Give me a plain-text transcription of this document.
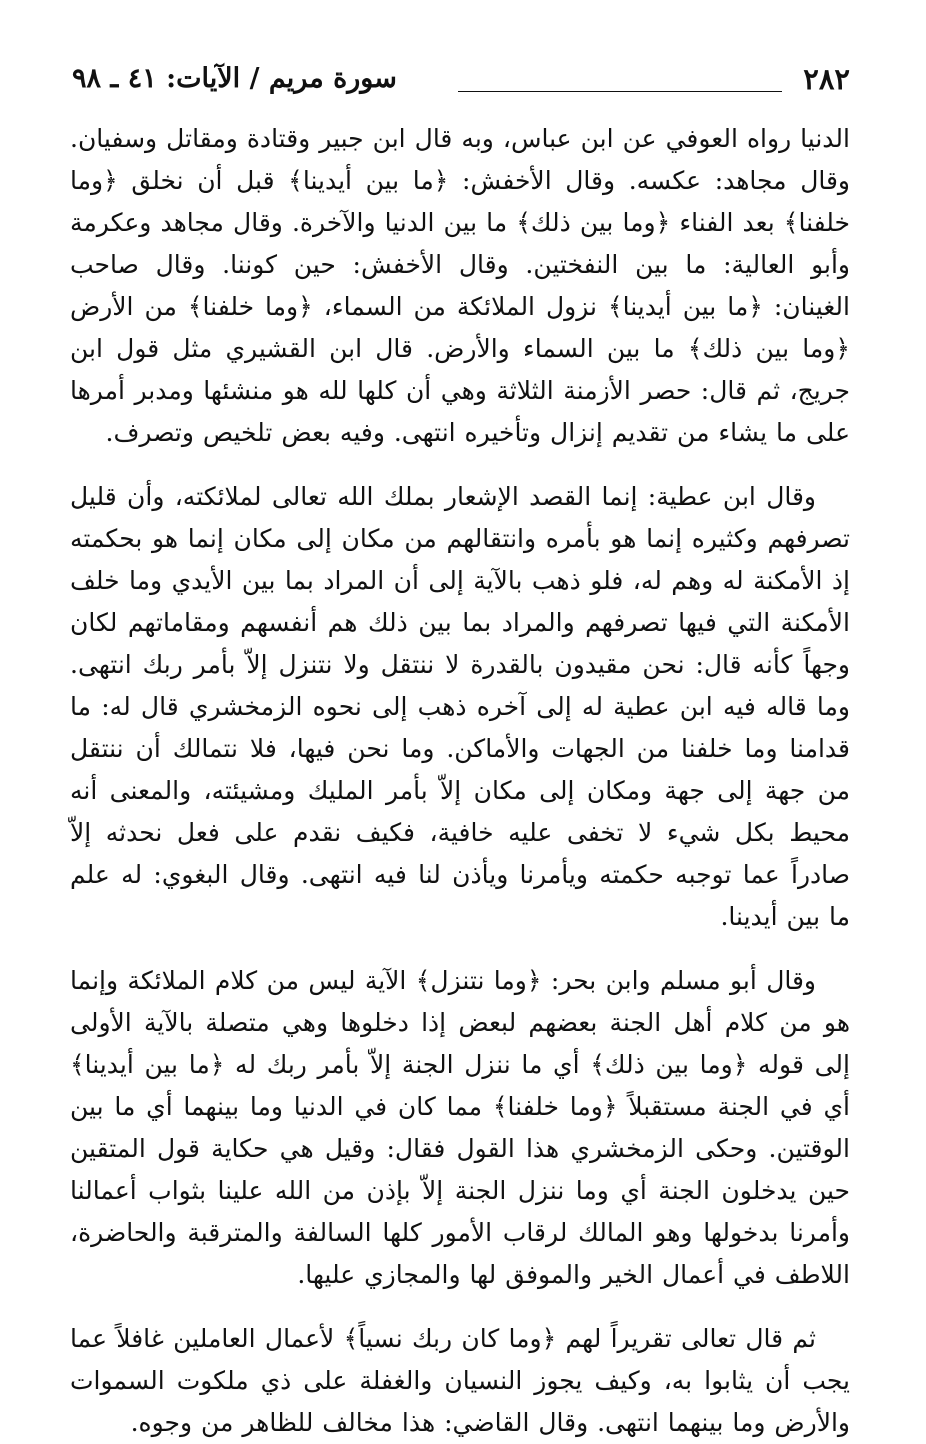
٢٨٢
سورة مريم / الآيات: ٤١ ـ ٩٨

الدنيا رواه العوفي عن ابن عباس، وبه قال ابن جبير وقتادة ومقاتل وسفيان. وقال مجاهد: عكسه. وقال الأخفش: ﴿ما بين أيدينا﴾ قبل أن نخلق ﴿وما خلفنا﴾ بعد الفناء ﴿وما بين ذلك﴾ ما بين الدنيا والآخرة. وقال مجاهد وعكرمة وأبو العالية: ما بين النفختين. وقال الأخفش: حين كوننا. وقال صاحب الغينان: ﴿ما بين أيدينا﴾ نزول الملائكة من السماء، ﴿وما خلفنا﴾ من الأرض ﴿وما بين ذلك﴾ ما بين السماء والأرض. قال ابن القشيري مثل قول ابن جريج، ثم قال: حصر الأزمنة الثلاثة وهي أن كلها لله هو منشئها ومدبر أمرها على ما يشاء من تقديم إنزال وتأخيره انتهى. وفيه بعض تلخيص وتصرف.

وقال ابن عطية: إنما القصد الإشعار بملك الله تعالى لملائكته، وأن قليل تصرفهم وكثيره إنما هو بأمره وانتقالهم من مكان إلى مكان إنما هو بحكمته إذ الأمكنة له وهم له، فلو ذهب بالآية إلى أن المراد بما بين الأيدي وما خلف الأمكنة التي فيها تصرفهم والمراد بما بين ذلك هم أنفسهم ومقاماتهم لكان وجهاً كأنه قال: نحن مقيدون بالقدرة لا ننتقل ولا نتنزل إلاّ بأمر ربك انتهى. وما قاله فيه ابن عطية له إلى آخره ذهب إلى نحوه الزمخشري قال له: ما قدامنا وما خلفنا من الجهات والأماكن. وما نحن فيها، فلا نتمالك أن ننتقل من جهة إلى جهة ومكان إلى مكان إلاّ بأمر المليك ومشيئته، والمعنى أنه محيط بكل شيء لا تخفى عليه خافية، فكيف نقدم على فعل نحدثه إلاّ صادراً عما توجبه حكمته ويأمرنا ويأذن لنا فيه انتهى. وقال البغوي: له علم ما بين أيدينا.

وقال أبو مسلم وابن بحر: ﴿وما نتنزل﴾ الآية ليس من كلام الملائكة وإنما هو من كلام أهل الجنة بعضهم لبعض إذا دخلوها وهي متصلة بالآية الأولى إلى قوله ﴿وما بين ذلك﴾ أي ما ننزل الجنة إلاّ بأمر ربك له ﴿ما بين أيدينا﴾ أي في الجنة مستقبلاً ﴿وما خلفنا﴾ مما كان في الدنيا وما بينهما أي ما بين الوقتين. وحكى الزمخشري هذا القول فقال: وقيل هي حكاية قول المتقين حين يدخلون الجنة أي وما ننزل الجنة إلاّ بإذن من الله علينا بثواب أعمالنا وأمرنا بدخولها وهو المالك لرقاب الأمور كلها السالفة والمترقبة والحاضرة، اللاطف في أعمال الخير والموفق لها والمجازي عليها.

ثم قال تعالى تقريراً لهم ﴿وما كان ربك نسياً﴾ لأعمال العاملين غافلاً عما يجب أن يثابوا به، وكيف يجوز النسيان والغفلة على ذي ملكوت السموات والأرض وما بينهما انتهى. وقال القاضي: هذا مخالف للظاهر من وجوه.
